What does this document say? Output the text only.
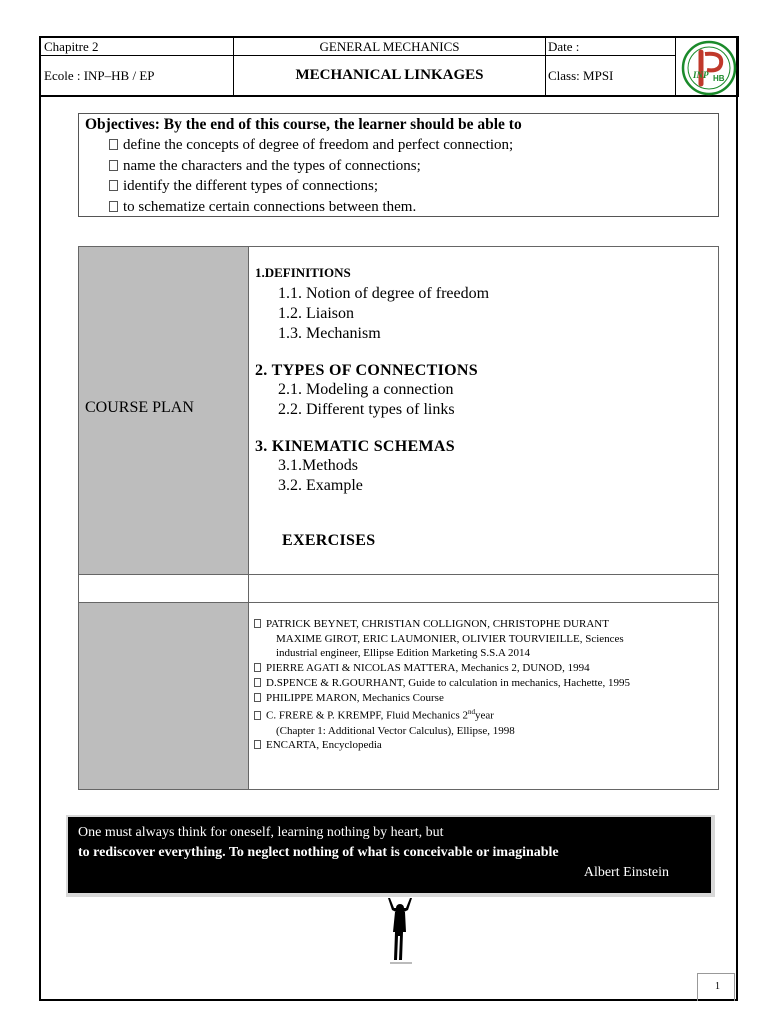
Chapitre 2	GENERAL MECHANICS	Date :
Ecole : INP–HB / EP	MECHANICAL LINKAGES	Class: MPSI	HB
INP
Objectives: By the end of this course, the learner should be able to
define the concepts of degree of freedom and perfect connection;
name the characters and the types of connections;
identify the different types of connections;
to schematize certain connections between them.
COURSE PLAN
1.DEFINITIONS
1.1. Notion of degree of freedom
1.2. Liaison
1.3. Mechanism
2. TYPES OF CONNECTIONS
2.1. Modeling a connection
2.2. Different types of links
3. KINEMATIC SCHEMAS
3.1.Methods
3.2. Example
EXERCISES
PATRICK BEYNET, CHRISTIAN COLLIGNON, CHRISTOPHE DURANT
MAXIME GIROT, ERIC LAUMONIER, OLIVIER TOURVIEILLE, Sciences
industrial engineer, Ellipse Edition Marketing S.S.A 2014
PIERRE AGATI & NICOLAS MATTERA, Mechanics 2, DUNOD, 1994
D.SPENCE & R.GOURHANT, Guide to calculation in mechanics, Hachette, 1995
PHILIPPE MARON, Mechanics Course
C. FRERE & P. KREMPF, Fluid Mechanics 2ndyear
(Chapter 1: Additional Vector Calculus), Ellipse, 1998
ENCARTA, Encyclopedia
One must always think for oneself, learning nothing by heart, but
to rediscover everything. To neglect nothing of what is conceivable or imaginable
Albert Einstein
1
